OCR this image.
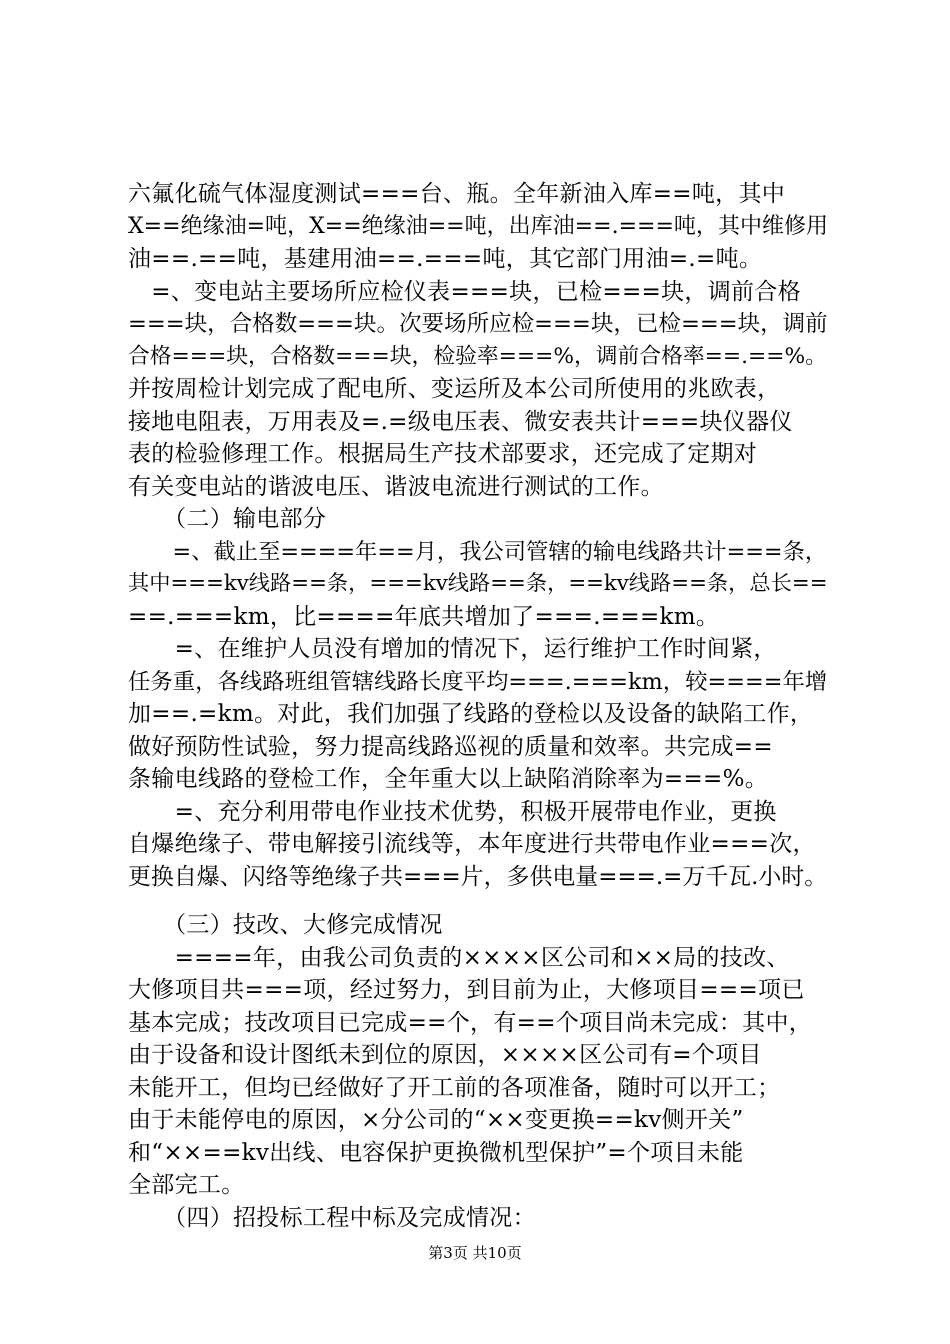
六氟化硫气体湿度测试===台、瓶。全年新油入库==吨，其中
X==绝缘油=吨，X==绝缘油==吨，出库油==.===吨，其中维修用
油==.==吨，基建用油==.===吨，其它部门用油=.=吨。
　=、变电站主要场所应检仪表===块，已检===块，调前合格
===块，合格数===块。次要场所应检===块，已检===块，调前
合格===块，合格数===块，检验率===%，调前合格率==.==%。
并按周检计划完成了配电所、变运所及本公司所使用的兆欧表，
接地电阻表，万用表及=.=级电压表、微安表共计===块仪器仪
表的检验修理工作。根据局生产技术部要求，还完成了定期对
有关变电站的谐波电压、谐波电流进行测试的工作。
　　（二）输电部分
　　=、截止至====年==月，我公司管辖的输电线路共计===条，
其中===kv线路==条，===kv线路==条，==kv线路==条，总长==
==.===km，比====年底共增加了===.===km。
　　=、在维护人员没有增加的情况下，运行维护工作时间紧，
任务重，各线路班组管辖线路长度平均===.===km，较====年增
加==.=km。对此，我们加强了线路的登检以及设备的缺陷工作，
做好预防性试验，努力提高线路巡视的质量和效率。共完成==
条输电线路的登检工作，全年重大以上缺陷消除率为===%。
　　=、充分利用带电作业技术优势，积极开展带电作业，更换
自爆绝缘子、带电解接引流线等，本年度进行共带电作业===次，
更换自爆、闪络等绝缘子共===片，多供电量===.=万千瓦.小时。
　　（三）技改、大修完成情况
　　====年，由我公司负责的××××区公司和××局的技改、
大修项目共===项，经过努力，到目前为止，大修项目===项已
基本完成；技改项目已完成==个，有==个项目尚未完成：其中，
由于设备和设计图纸未到位的原因，××××区公司有=个项目
未能开工，但均已经做好了开工前的各项准备，随时可以开工；
由于未能停电的原因，×分公司的“××变更换==kv侧开关”
和“××==kv出线、电容保护更换微机型保护”=个项目未能
全部完工。
　　（四）招投标工程中标及完成情况：
第3页 共10页
